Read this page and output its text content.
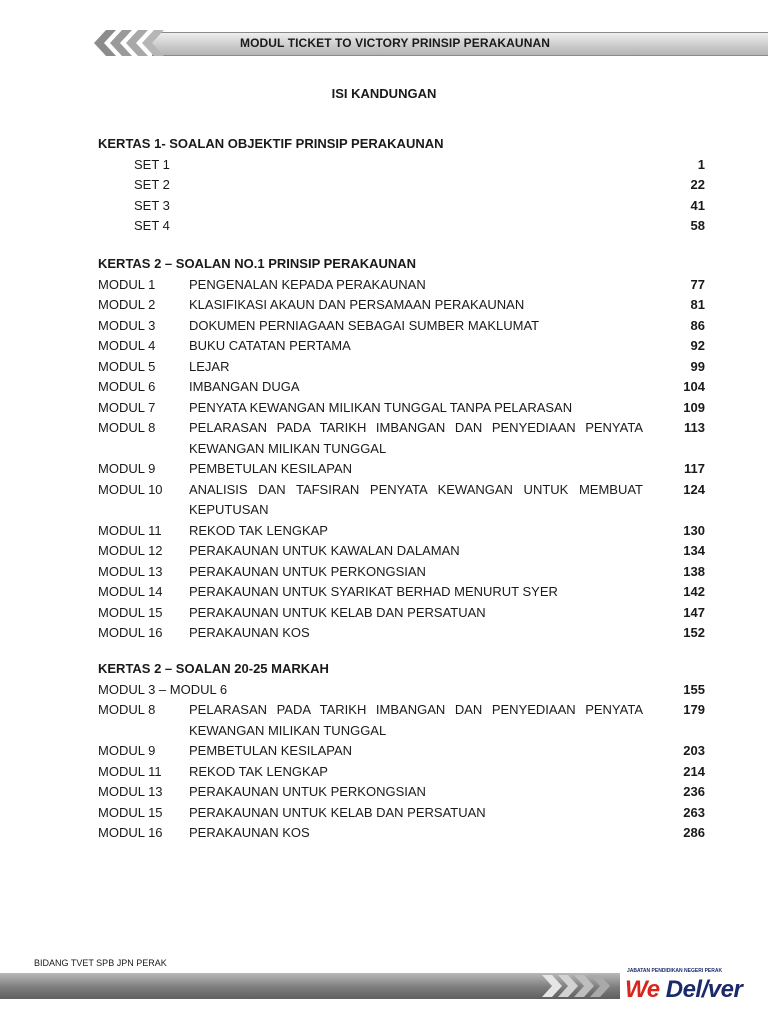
MODUL TICKET TO VICTORY PRINSIP PERAKAUNAN
ISI KANDUNGAN
KERTAS 1- SOALAN OBJEKTIF PRINSIP PERAKAUNAN
SET 1	1
SET 2	22
SET 3	41
SET 4	58
KERTAS 2 – SOALAN NO.1 PRINSIP PERAKAUNAN
MODUL 1	PENGENALAN KEPADA PERAKAUNAN	77
MODUL 2	KLASIFIKASI AKAUN DAN PERSAMAAN PERAKAUNAN	81
MODUL 3	DOKUMEN PERNIAGAAN SEBAGAI SUMBER MAKLUMAT	86
MODUL 4	BUKU CATATAN PERTAMA	92
MODUL 5	LEJAR	99
MODUL 6	IMBANGAN DUGA	104
MODUL 7	PENYATA KEWANGAN MILIKAN TUNGGAL TANPA PELARASAN	109
MODUL 8	PELARASAN PADA TARIKH IMBANGAN DAN PENYEDIAAN PENYATA	113
KEWANGAN MILIKAN TUNGGAL
MODUL 9	PEMBETULAN KESILAPAN	117
MODUL 10 ANALISIS DAN TAFSIRAN PENYATA KEWANGAN UNTUK MEMBUAT	124
KEPUTUSAN
MODUL 11 REKOD TAK LENGKAP	130
MODUL 12 PERAKAUNAN UNTUK KAWALAN DALAMAN	134
MODUL 13 PERAKAUNAN UNTUK PERKONGSIAN	138
MODUL 14 PERAKAUNAN UNTUK SYARIKAT BERHAD MENURUT SYER	142
MODUL 15 PERAKAUNAN UNTUK KELAB DAN PERSATUAN	147
MODUL 16 PERAKAUNAN KOS	152
KERTAS 2 – SOALAN 20-25 MARKAH
MODUL 3 – MODUL 6	155
MODUL 8	PELARASAN PADA TARIKH IMBANGAN DAN PENYEDIAAN PENYATA	179
KEWANGAN MILIKAN TUNGGAL
MODUL 9	PEMBETULAN KESILAPAN	203
MODUL 11 REKOD TAK LENGKAP	214
MODUL 13 PERAKAUNAN UNTUK PERKONGSIAN	236
MODUL 15 PERAKAUNAN UNTUK KELAB DAN PERSATUAN	263
MODUL 16 PERAKAUNAN KOS	286
BIDANG TVET SPB JPN PERAK
JABATAN PENDIDIKAN NEGERI PERAK
We Del/ver
